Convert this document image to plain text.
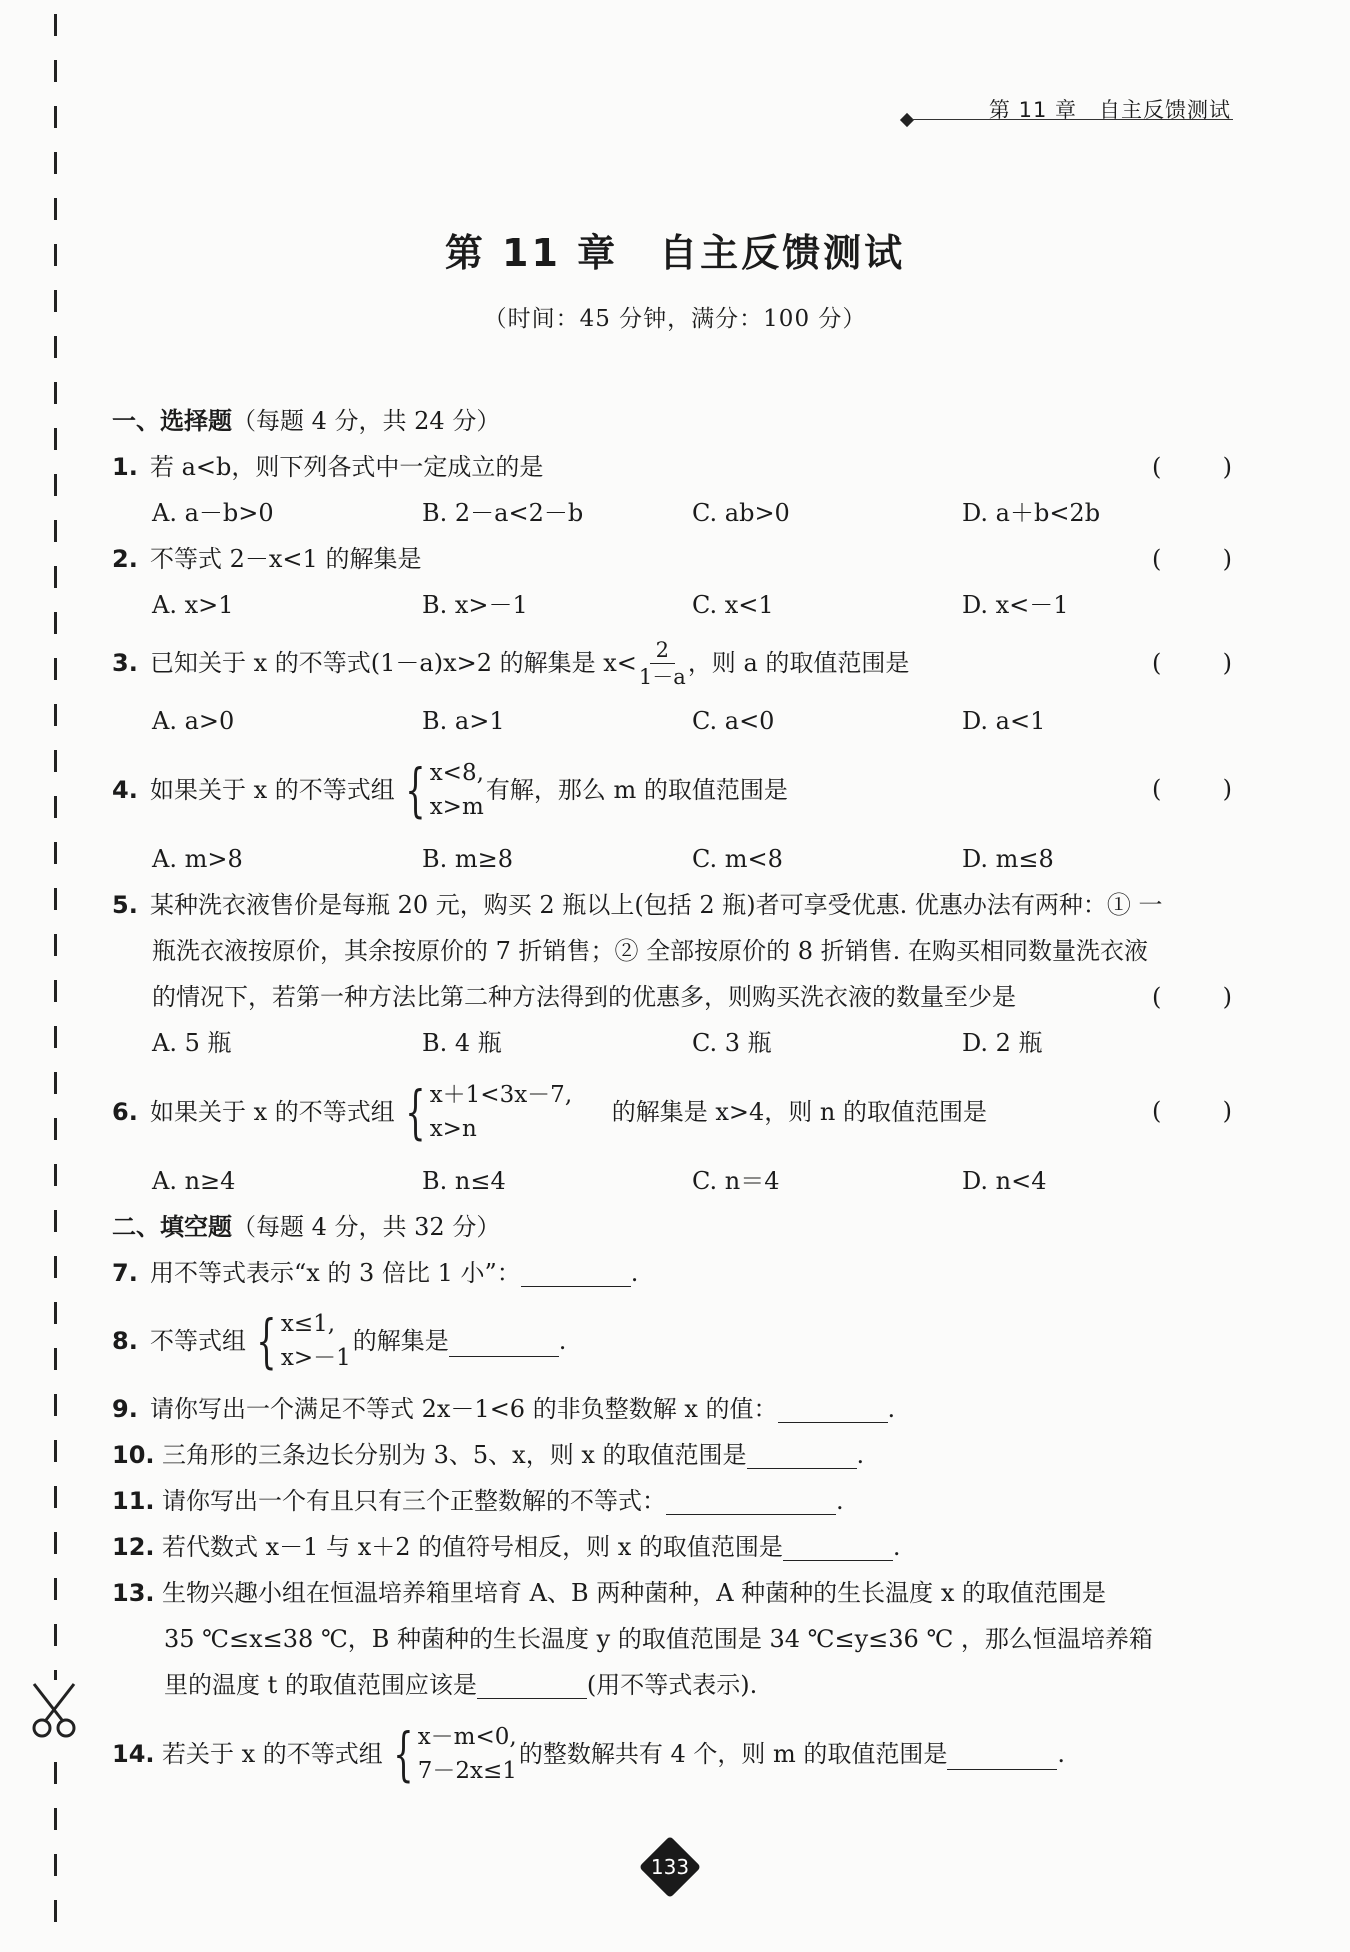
第 11 章　自主反馈测试
第 11 章　自主反馈测试
（时间：45 分钟，满分：100 分）
一、选择题（每题 4 分，共 24 分）
1. 若 a<b，则下列各式中一定成立的是	(	)
A. a－b>0	B. 2－a<2－b	C. ab>0	D. a＋b<2b
2. 不等式 2－x<1 的解集是	(	)
A. x>1	B. x>－1	C. x<1	D. x<－1
3. 已知关于 x 的不等式(1－a)x>2 的解集是 $x< \frac{2}{1-a}$ ，则 a 的取值范围是	(	)
A. a>0	B. a>1	C. a<0	D. a<1
4. 如果关于 x 的不等式组 { x<8,
x>m
有解，那么 m 的取值范围是	(	)
A. m>8	B. m≥8	C. m<8	D. m≤8
5. 某种洗衣液售价是每瓶 20 元，购买 2 瓶以上(包括 2 瓶)者可享受优惠. 优惠办法有两种：① 一
瓶洗衣液按原价，其余按原价的 7 折销售；② 全部按原价的 8 折销售. 在购买相同数量洗衣液
的情况下，若第一种方法比第二种方法得到的优惠多，则购买洗衣液的数量至少是	(	)
A. 5 瓶	B. 4 瓶	C. 3 瓶	D. 2 瓶
6. 如果关于 x 的不等式组 { x＋1<3x－7,
x>n
的解集是 x>4，则 n 的取值范围是	(	)
A. n≥4	B. n≤4	C. n＝4	D. n<4
二、填空题（每题 4 分，共 32 分）
7. 用不等式表示“x 的 3 倍比 1 小”：	.
8. 不等式组 { x≤1,
x>－1
的解集是	.
9. 请你写出一个满足不等式 2x－1<6 的非负整数解 x 的值：	.
10. 三角形的三条边长分别为 3、5、x，则 x 的取值范围是	.
11. 请你写出一个有且只有三个正整数解的不等式：	.
12. 若代数式 x－1 与 x＋2 的值符号相反，则 x 的取值范围是	.
13. 生物兴趣小组在恒温培养箱里培育 A、B 两种菌种，A 种菌种的生长温度 x 的取值范围是
35 ℃≤x≤38 ℃，B 种菌种的生长温度 y 的取值范围是 34 ℃≤y≤36 ℃ ，那么恒温培养箱
里的温度 t 的取值范围应该是	(用不等式表示).
14. 若关于 x 的不等式组 { x－m<0,
7－2x≤1
的整数解共有 4 个，则 m 的取值范围是	.
133
